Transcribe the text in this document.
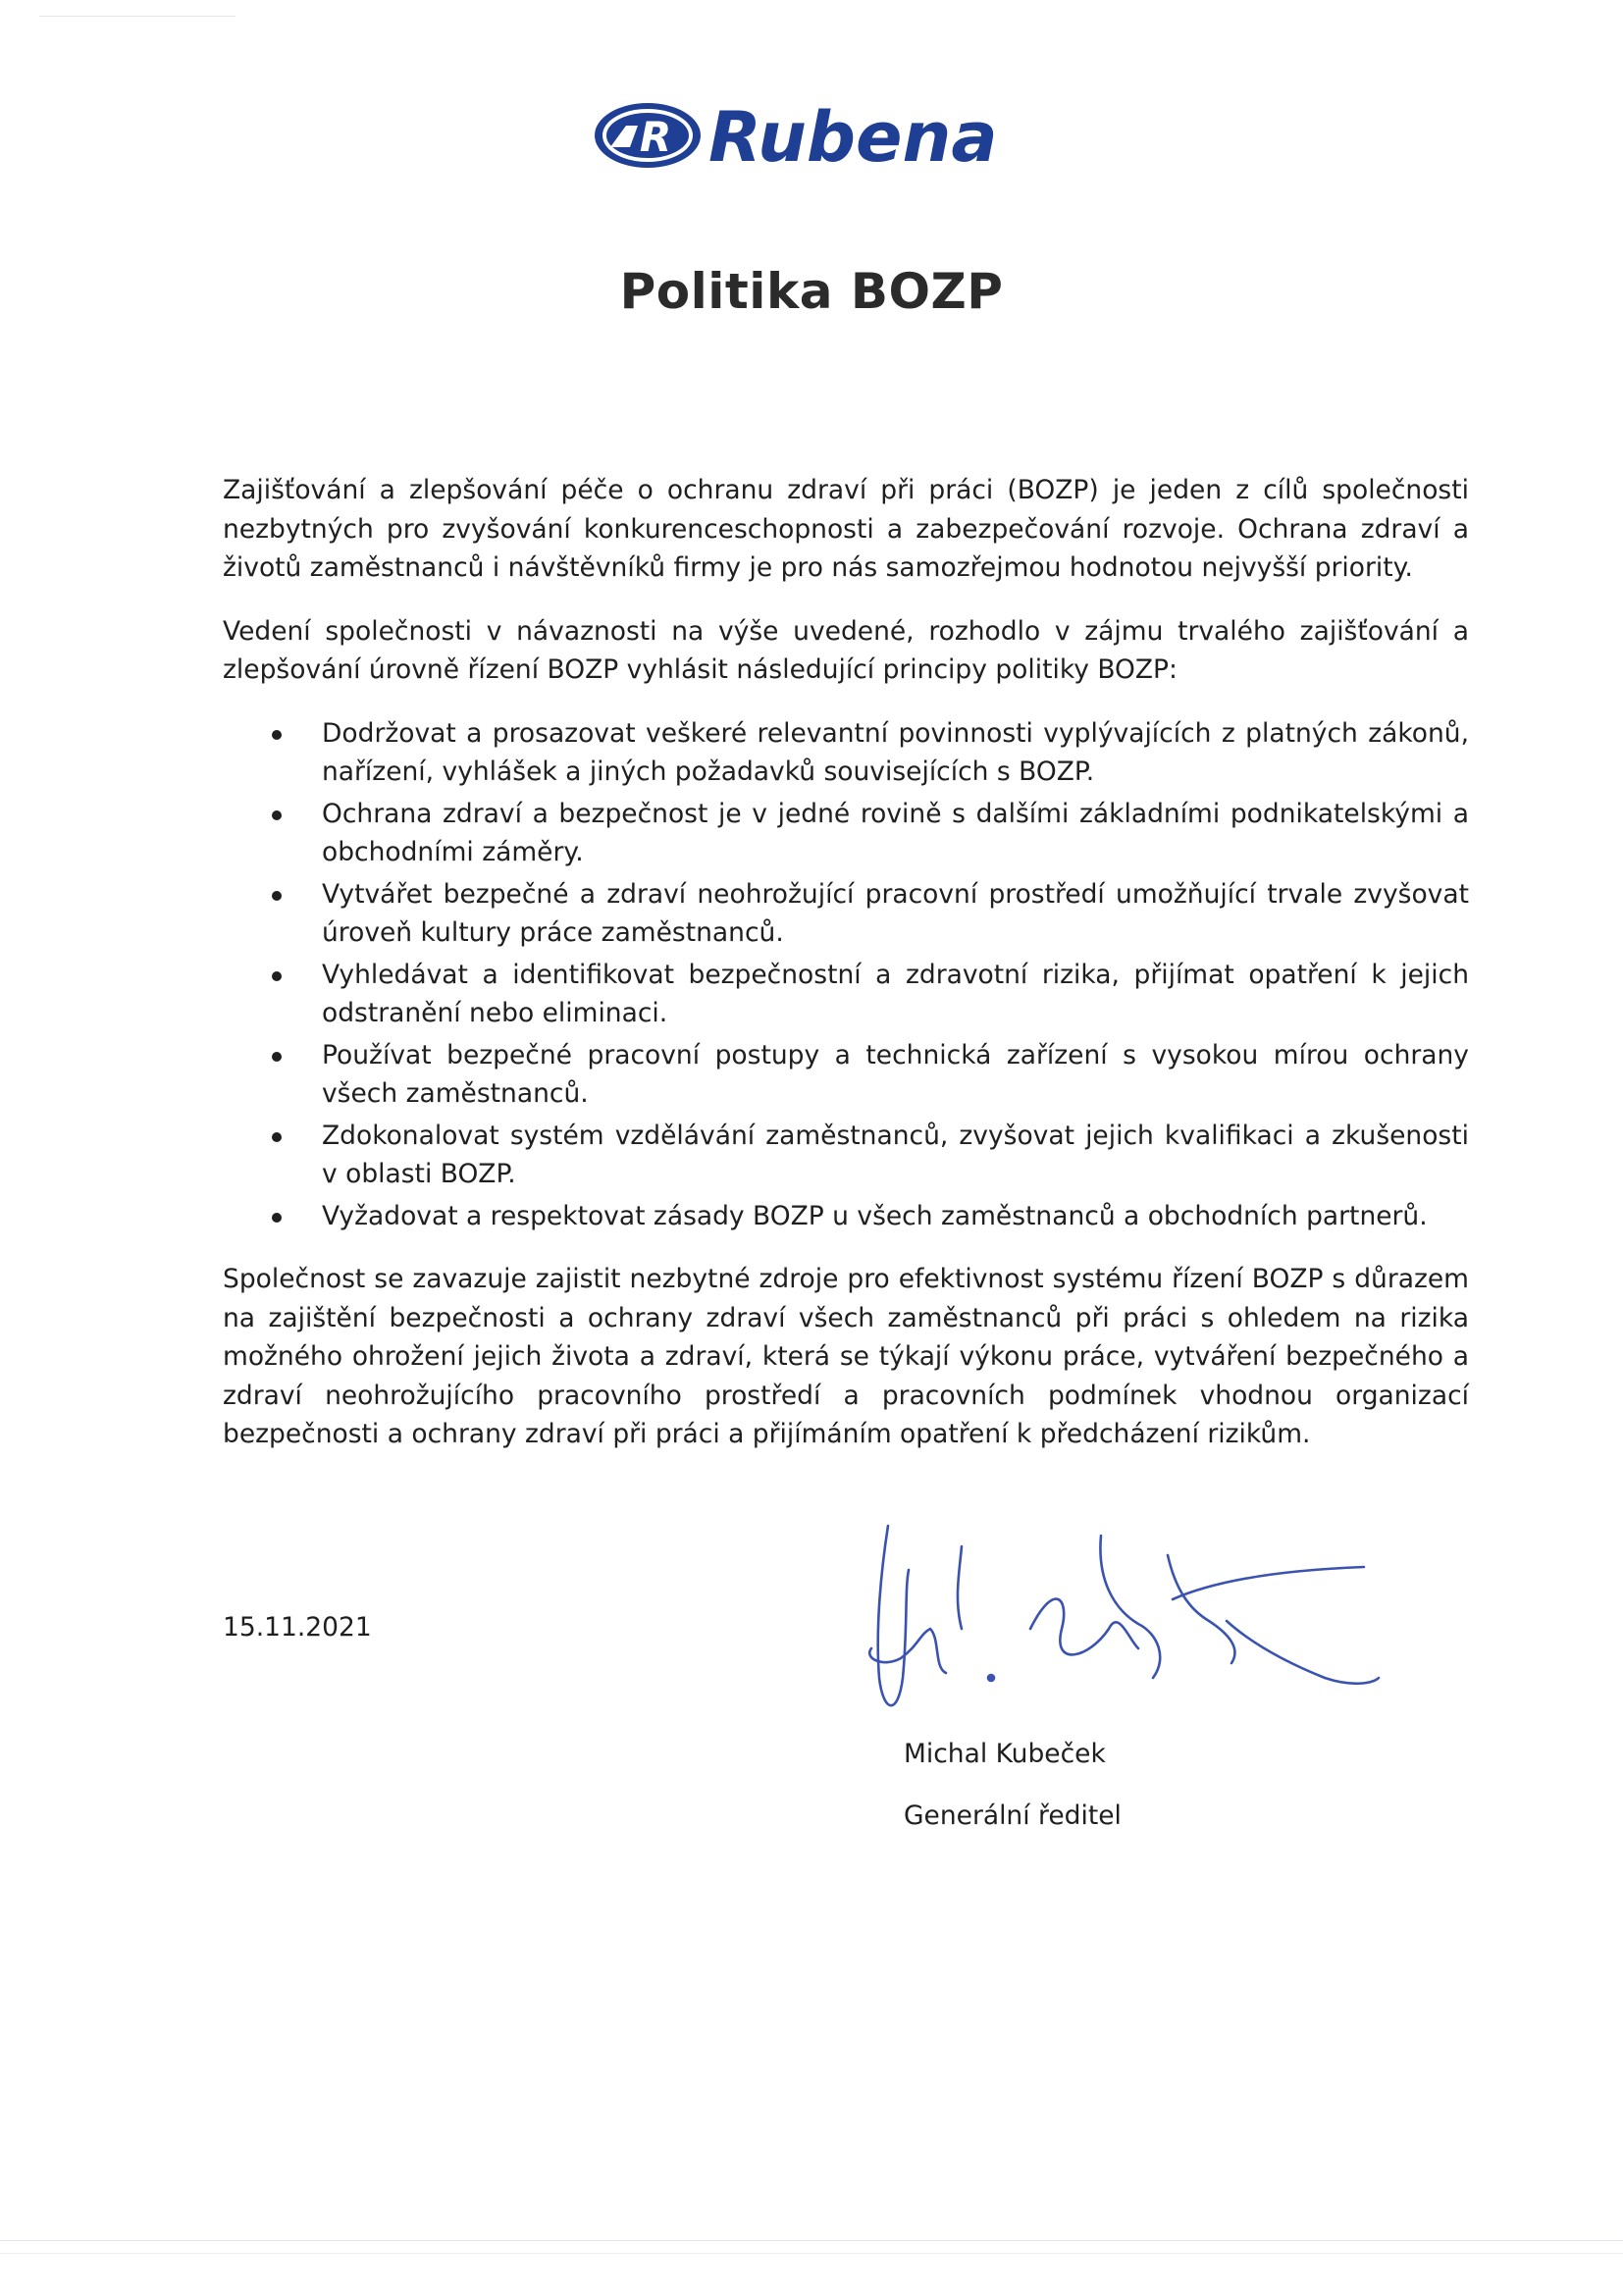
R Rubena
Politika BOZP

Zajišťování a zlepšování péče o ochranu zdraví při práci (BOZP) je jeden z cílů společnosti nezbytných pro zvyšování konkurenceschopnosti a zabezpečování rozvoje. Ochrana zdraví a životů zaměstnanců i návštěvníků firmy je pro nás samozřejmou hodnotou nejvyšší priority.

Vedení společnosti v návaznosti na výše uvedené, rozhodlo v zájmu trvalého zajišťování a zlepšování úrovně řízení BOZP vyhlásit následující principy politiky BOZP:

Dodržovat a prosazovat veškeré relevantní povinnosti vyplývajících z platných zákonů, nařízení, vyhlášek a jiných požadavků souvisejících s BOZP.
Ochrana zdraví a bezpečnost je v jedné rovině s dalšími základními podnikatelskými a obchodními záměry.
Vytvářet bezpečné a zdraví neohrožující pracovní prostředí umožňující trvale zvyšovat úroveň kultury práce zaměstnanců.
Vyhledávat a identifikovat bezpečnostní a zdravotní rizika, přijímat opatření k jejich odstranění nebo eliminaci.
Používat bezpečné pracovní postupy a technická zařízení s vysokou mírou ochrany všech zaměstnanců.
Zdokonalovat systém vzdělávání zaměstnanců, zvyšovat jejich kvalifikaci a zkušenosti v oblasti BOZP.
Vyžadovat a respektovat zásady BOZP u všech zaměstnanců a obchodních partnerů.

Společnost se zavazuje zajistit nezbytné zdroje pro efektivnost systému řízení BOZP s důrazem na zajištění bezpečnosti a ochrany zdraví všech zaměstnanců při práci s ohledem na rizika možného ohrožení jejich života a zdraví, která se týkají výkonu práce, vytváření bezpečného a zdraví neohrožujícího pracovního prostředí a pracovních podmínek vhodnou organizací bezpečnosti a ochrany zdraví při práci a přijímáním opatření k předcházení rizikům.

15.11.2021
Michal Kubeček
Generální ředitel
